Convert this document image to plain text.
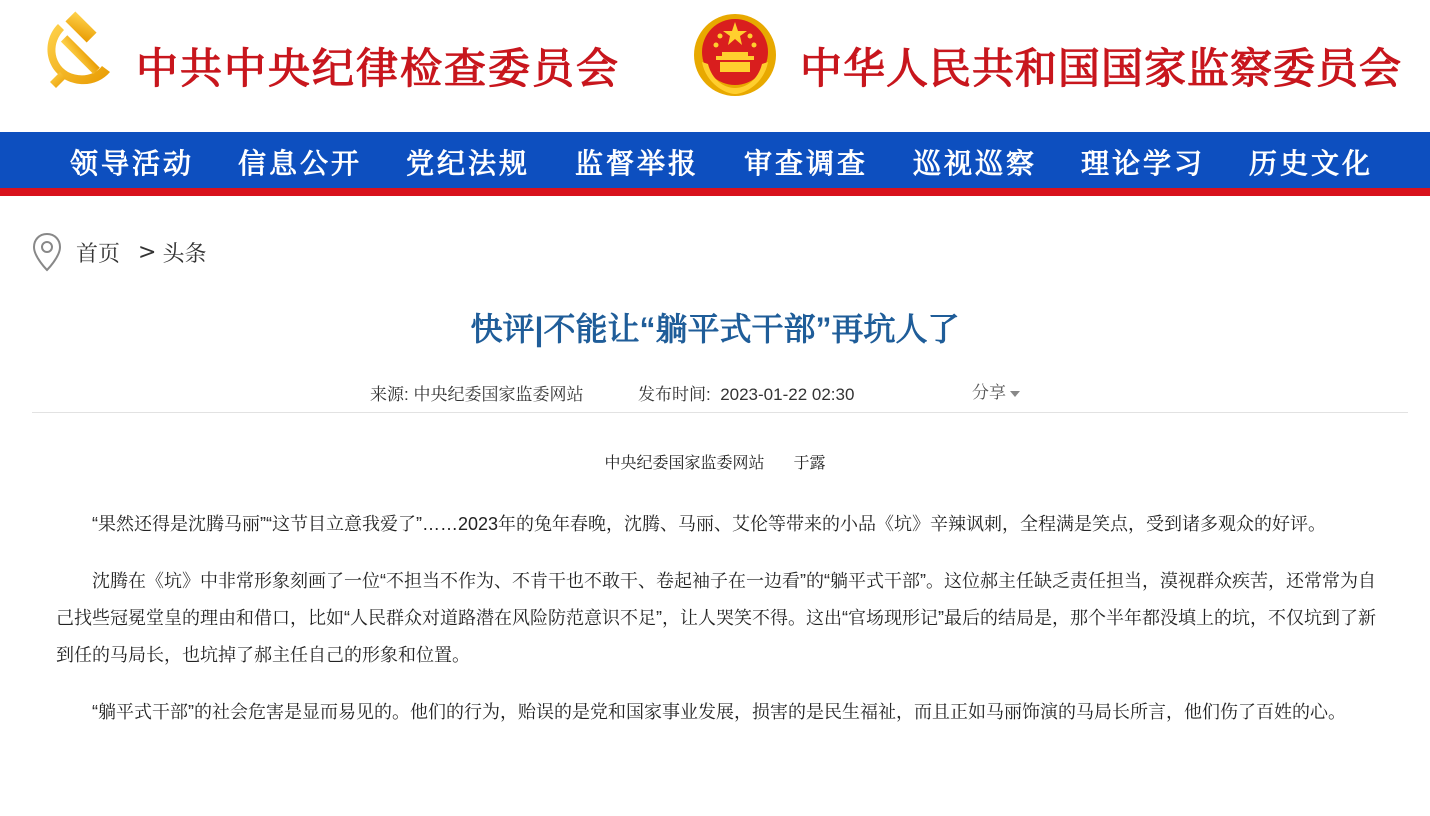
中共中央纪律检查委员会	中华人民共和国国家监察委员会
领导活动 信息公开 党纪法规 监督举报 审查调查 巡视巡察 理论学习 历史文化
首页 > 头条
快评|不能让“躺平式干部”再坑人了
来源: 中央纪委国家监委网站	发布时间: 2023-01-22 02:30	分享
中央纪委国家监委网站   于露

“果然还得是沈腾马丽”“这节目立意我爱了”……2023年的兔年春晚，沈腾、马丽、艾伦等带来的小品《坑》辛辣讽刺，全程满是笑点，受到诸多观众的好评。

沈腾在《坑》中非常形象刻画了一位“不担当不作为、不肯干也不敢干、卷起袖子在一边看”的“躺平式干部”。这位郝主任缺乏责任担当，漠视群众疾苦，还常常为自己找些冠冕堂皇的理由和借口，比如“人民群众对道路潜在风险防范意识不足”，让人哭笑不得。这出“官场现形记”最后的结局是，那个半年都没填上的坑，不仅坑到了新到任的马局长，也坑掉了郝主任自己的形象和位置。

“躺平式干部”的社会危害是显而易见的。他们的行为，贻误的是党和国家事业发展，损害的是民生福祉，而且正如马丽饰演的马局长所言，他们伤了百姓的心。
